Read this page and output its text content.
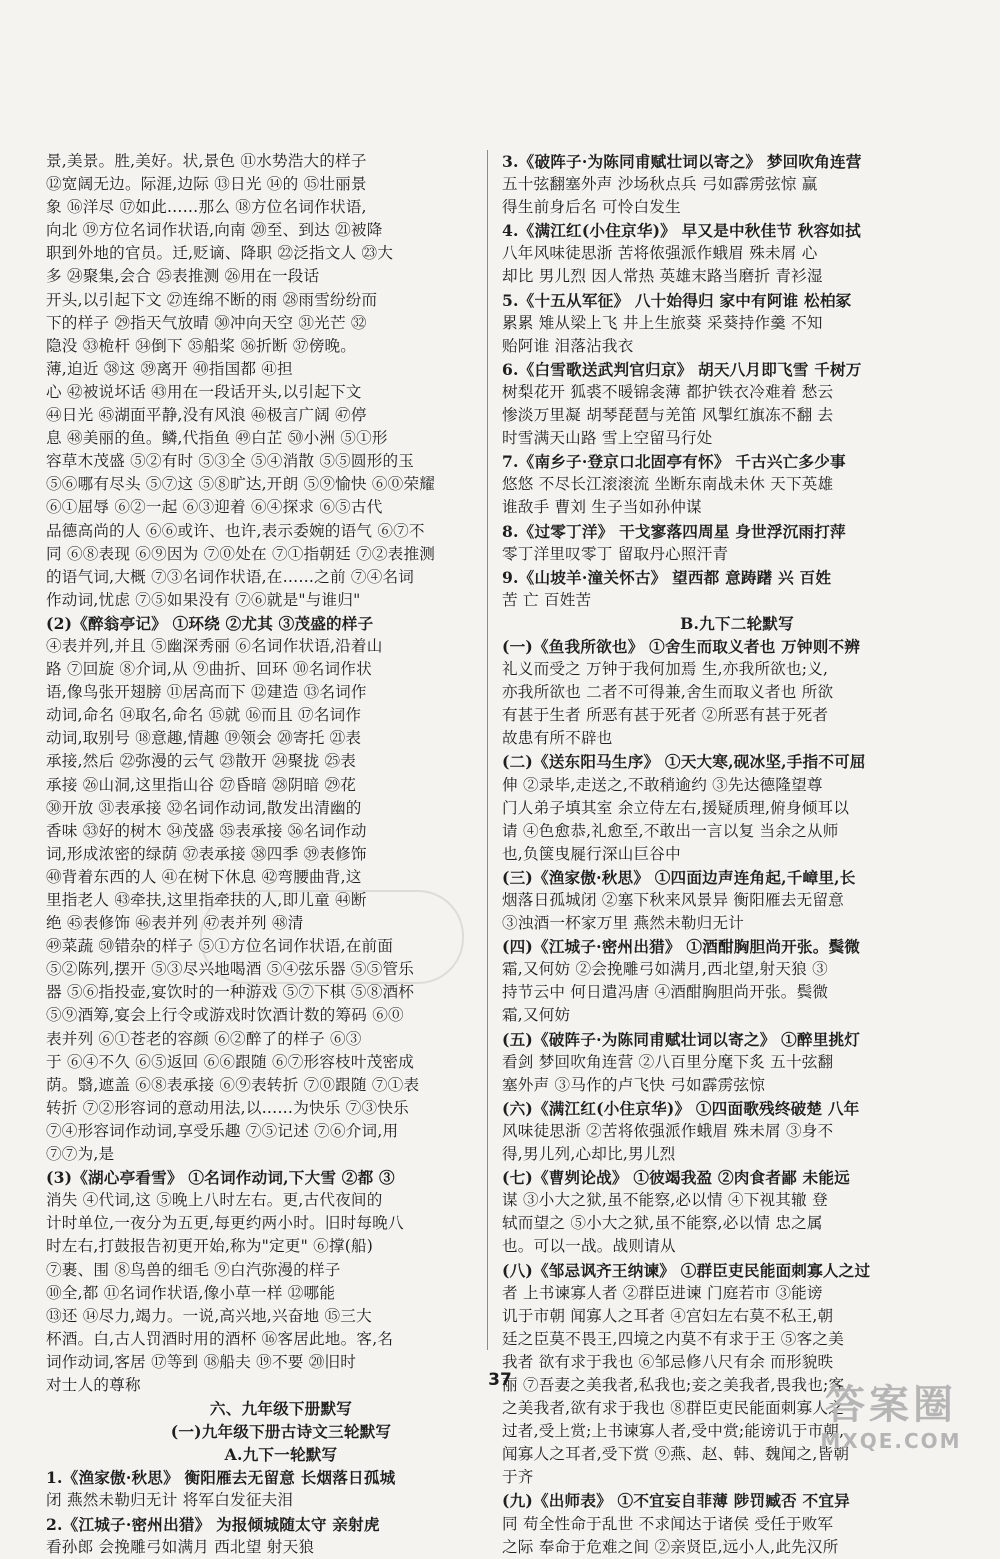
景,美景。胜,美好。状,景色 ⑪水势浩大的样子
⑫宽阔无边。际涯,边际 ⑬日光 ⑭的 ⑮壮丽景
象 ⑯洋尽 ⑰如此……那么 ⑱方位名词作状语,
向北 ⑲方位名词作状语,向南 ⑳至、到达 ㉑被降
职到外地的官员。迁,贬谪、降职 ㉒泛指文人 ㉓大
多 ㉔聚集,会合 ㉕表推测 ㉖用在一段话
开头,以引起下文 ㉗连绵不断的雨 ㉘雨雪纷纷而
下的样子 ㉙指天气放晴 ㉚冲向天空 ㉛光芒 ㉜
隐没 ㉝桅杆 ㉞倒下 ㉟船桨 ㊱折断 ㊲傍晚。
薄,迫近 ㊳这 ㊴离开 ㊵指国都 ㊶担
心 ㊷被说坏话 ㊸用在一段话开头,以引起下文
㊹日光 ㊺湖面平静,没有风浪 ㊻极言广阔 ㊼停
息 ㊽美丽的鱼。鳞,代指鱼 ㊾白芷 ㊿小洲 ⑤①形
容草木茂盛 ⑤②有时 ⑤③全 ⑤④消散 ⑤⑤圆形的玉
⑤⑥哪有尽头 ⑤⑦这 ⑤⑧旷达,开朗 ⑤⑨愉快 ⑥⓪荣耀
⑥①屈辱 ⑥②一起 ⑥③迎着 ⑥④探求 ⑥⑤古代
品德高尚的人 ⑥⑥或许、也许,表示委婉的语气 ⑥⑦不
同 ⑥⑧表现 ⑥⑨因为 ⑦⓪处在 ⑦①指朝廷 ⑦②表推测
的语气词,大概 ⑦③名词作状语,在……之前 ⑦④名词
作动词,忧虑 ⑦⑤如果没有 ⑦⑥就是"与谁归"
(2)《醉翁亭记》 ①环绕 ②尤其 ③茂盛的样子
④表并列,并且 ⑤幽深秀丽 ⑥名词作状语,沿着山
路 ⑦回旋 ⑧介词,从 ⑨曲折、回环 ⑩名词作状
语,像鸟张开翅膀 ⑪居高而下 ⑫建造 ⑬名词作
动词,命名 ⑭取名,命名 ⑮就 ⑯而且 ⑰名词作
动词,取别号 ⑱意趣,情趣 ⑲领会 ⑳寄托 ㉑表
承接,然后 ㉒弥漫的云气 ㉓散开 ㉔聚拢 ㉕表
承接 ㉖山洞,这里指山谷 ㉗昏暗 ㉘阴暗 ㉙花
㉚开放 ㉛表承接 ㉜名词作动词,散发出清幽的
香味 ㉝好的树木 ㉞茂盛 ㉟表承接 ㊱名词作动
词,形成浓密的绿荫 ㊲表承接 ㊳四季 ㊴表修饰
㊵背着东西的人 ㊶在树下休息 ㊷弯腰曲背,这
里指老人 ㊸牵扶,这里指牵扶的人,即儿童 ㊹断
绝 ㊺表修饰 ㊻表并列 ㊼表并列 ㊽清
㊾菜蔬 ㊿错杂的样子 ⑤①方位名词作状语,在前面
⑤②陈列,摆开 ⑤③尽兴地喝酒 ⑤④弦乐器 ⑤⑤管乐
器 ⑤⑥指投壶,宴饮时的一种游戏 ⑤⑦下棋 ⑤⑧酒杯
⑤⑨酒筹,宴会上行令或游戏时饮酒计数的筹码 ⑥⓪
表并列 ⑥①苍老的容颜 ⑥②醉了的样子 ⑥③
于 ⑥④不久 ⑥⑤返回 ⑥⑥跟随 ⑥⑦形容枝叶茂密成
荫。翳,遮盖 ⑥⑧表承接 ⑥⑨表转折 ⑦⓪跟随 ⑦①表
转折 ⑦②形容词的意动用法,以……为快乐 ⑦③快乐
⑦④形容词作动词,享受乐趣 ⑦⑤记述 ⑦⑥介词,用
⑦⑦为,是
(3)《湖心亭看雪》 ①名词作动词,下大雪 ②都 ③
消失 ④代词,这 ⑤晚上八时左右。更,古代夜间的
计时单位,一夜分为五更,每更约两小时。旧时每晚八
时左右,打鼓报告初更开始,称为"定更" ⑥撑(船)
⑦裹、围 ⑧鸟兽的细毛 ⑨白汽弥漫的样子
⑩全,都 ⑪名词作状语,像小草一样 ⑫哪能
⑬还 ⑭尽力,竭力。一说,高兴地,兴奋地 ⑮三大
杯酒。白,古人罚酒时用的酒杯 ⑯客居此地。客,名
词作动词,客居 ⑰等到 ⑱船夫 ⑲不要 ⑳旧时
对士人的尊称
六、九年级下册默写
(一)九年级下册古诗文三轮默写
A.九下一轮默写
1.《渔家傲·秋思》 衡阳雁去无留意 长烟落日孤城
闭 燕然未勒归无计 将军白发征夫泪
2.《江城子·密州出猎》 为报倾城随太守 亲射虎
看孙郎 会挽雕弓如满月 西北望 射天狼
3.《破阵子·为陈同甫赋壮词以寄之》 梦回吹角连营
五十弦翻塞外声 沙场秋点兵 弓如霹雳弦惊 赢
得生前身后名 可怜白发生
4.《满江红(小住京华)》 早又是中秋佳节 秋容如拭
八年风味徒思浙 苦将侬强派作蛾眉 殊未屑 心
却比 男儿烈 因人常热 英雄末路当磨折 青衫湿
5.《十五从军征》 八十始得归 家中有阿谁 松柏冢
累累 雉从梁上飞 井上生旅葵 采葵持作羹 不知
贻阿谁 泪落沾我衣
6.《白雪歌送武判官归京》 胡天八月即飞雪 千树万
树梨花开 狐裘不暖锦衾薄 都护铁衣冷难着 愁云
惨淡万里凝 胡琴琵琶与羌笛 风掣红旗冻不翻 去
时雪满天山路 雪上空留马行处
7.《南乡子·登京口北固亭有怀》 千古兴亡多少事
悠悠 不尽长江滚滚流 坐断东南战未休 天下英雄
谁敌手 曹刘 生子当如孙仲谋
8.《过零丁洋》 干戈寥落四周星 身世浮沉雨打萍
零丁洋里叹零丁 留取丹心照汗青
9.《山坡羊·潼关怀古》 望西都 意踌躇 兴 百姓
苦 亡 百姓苦
B.九下二轮默写
(一)《鱼我所欲也》 ①舍生而取义者也 万钟则不辨
礼义而受之 万钟于我何加焉 生,亦我所欲也;义,
亦我所欲也 二者不可得兼,舍生而取义者也 所欲
有甚于生者 所恶有甚于死者 ②所恶有甚于死者
故患有所不辟也
(二)《送东阳马生序》 ①天大寒,砚冰坚,手指不可屈
伸 ②录毕,走送之,不敢稍逾约 ③先达德隆望尊
门人弟子填其室 余立侍左右,援疑质理,俯身倾耳以
请 ④色愈恭,礼愈至,不敢出一言以复 当余之从师
也,负箧曳屣行深山巨谷中
(三)《渔家傲·秋思》 ①四面边声连角起,千嶂里,长
烟落日孤城闭 ②塞下秋来风景异 衡阳雁去无留意
③浊酒一杯家万里 燕然未勒归无计
(四)《江城子·密州出猎》 ①酒酣胸胆尚开张。鬓微
霜,又何妨 ②会挽雕弓如满月,西北望,射天狼 ③
持节云中 何日遣冯唐 ④酒酣胸胆尚开张。鬓微
霜,又何妨
(五)《破阵子·为陈同甫赋壮词以寄之》 ①醉里挑灯
看剑 梦回吹角连营 ②八百里分麾下炙 五十弦翻
塞外声 ③马作的卢飞快 弓如霹雳弦惊
(六)《满江红(小住京华)》 ①四面歌残终破楚 八年
风味徒思浙 ②苦将侬强派作蛾眉 殊未屑 ③身不
得,男儿列,心却比,男儿烈
(七)《曹刿论战》 ①彼竭我盈 ②肉食者鄙 未能远
谋 ③小大之狱,虽不能察,必以情 ④下视其辙 登
轼而望之 ⑤小大之狱,虽不能察,必以情 忠之属
也。可以一战。战则请从
(八)《邹忌讽齐王纳谏》 ①群臣吏民能面刺寡人之过
者 上书谏寡人者 ②群臣进谏 门庭若市 ③能谤
讥于市朝 闻寡人之耳者 ④宫妇左右莫不私王,朝
廷之臣莫不畏王,四境之内莫不有求于王 ⑤客之美
我者 欲有求于我也 ⑥邹忌修八尺有余 而形貌昳
丽 ⑦吾妻之美我者,私我也;妾之美我者,畏我也;客
之美我者,欲有求于我也 ⑧群臣吏民能面刺寡人之
过者,受上赏;上书谏寡人者,受中赏;能谤讥于市朝,
闻寡人之耳者,受下赏 ⑨燕、赵、韩、魏闻之,皆朝
于齐
(九)《出师表》 ①不宜妄自菲薄 陟罚臧否 不宜异
同 苟全性命于乱世 不求闻达于诸侯 受任于败军
之际 奉命于危难之间 ②亲贤臣,远小人,此先汉所
37
答案圈
MXQE.COM
